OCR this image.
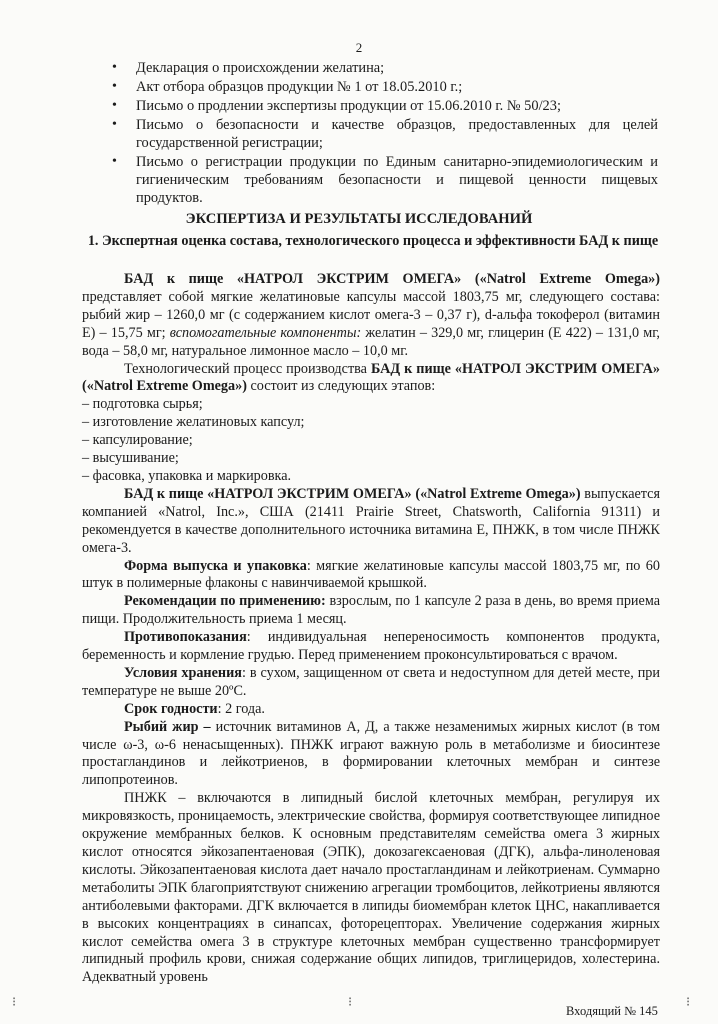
2
• Декларация о происхождении желатина;
• Акт отбора образцов продукции № 1 от 18.05.2010 г.;
• Письмо о продлении экспертизы продукции от 15.06.2010 г. № 50/23;
• Письмо о безопасности и качестве образцов, предоставленных для целей государственной регистрации;
• Письмо о регистрации продукции по Единым санитарно-эпидемиологическим и гигиеническим требованиям безопасности и пищевой ценности пищевых продуктов.
ЭКСПЕРТИЗА И РЕЗУЛЬТАТЫ ИССЛЕДОВАНИЙ
1. Экспертная оценка состава, технологического процесса и эффективности БАД к пище

БАД к пище «НАТРОЛ ЭКСТРИМ ОМЕГА» («Natrol Extreme Omega») представляет собой мягкие желатиновые капсулы массой 1803,75 мг, следующего состава: рыбий жир – 1260,0 мг (с содержанием кислот омега-3 – 0,37 г), d-альфа токоферол (витамин Е) – 15,75 мг; вспомогательные компоненты: желатин – 329,0 мг, глицерин (Е 422) – 131,0 мг, вода – 58,0 мг, натуральное лимонное масло – 10,0 мг.

Технологический процесс производства БАД к пище «НАТРОЛ ЭКСТРИМ ОМЕГА» («Natrol Extreme Omega») состоит из следующих этапов:

– подготовка сырья;
– изготовление желатиновых капсул;
– капсулирование;
– высушивание;
– фасовка, упаковка и маркировка.

БАД к пище «НАТРОЛ ЭКСТРИМ ОМЕГА» («Natrol Extreme Omega») выпускается компанией «Natrol, Inc.», США (21411 Prairie Street, Chatsworth, California 91311) и рекомендуется в качестве дополнительного источника витамина Е, ПНЖК, в том числе ПНЖК омега-3.

Форма выпуска и упаковка: мягкие желатиновые капсулы массой 1803,75 мг, по 60 штук в полимерные флаконы с навинчиваемой крышкой.

Рекомендации по применению: взрослым, по 1 капсуле 2 раза в день, во время приема пищи. Продолжительность приема 1 месяц.

Противопоказания: индивидуальная непереносимость компонентов продукта, беременность и кормление грудью. Перед применением проконсультироваться с врачом.

Условия хранения: в сухом, защищенном от света и недоступном для детей месте, при температуре не выше 20ºС.

Срок годности: 2 года.

Рыбий жир – источник витаминов А, Д, а также незаменимых жирных кислот (в том числе ω-3, ω-6 ненасыщенных). ПНЖК играют важную роль в метаболизме и биосинтезе простагландинов и лейкотриенов, в формировании клеточных мембран и синтезе липопротеинов.

ПНЖК – включаются в липидный бислой клеточных мембран, регулируя их микровязкость, проницаемость, электрические свойства, формируя соответствующее липидное окружение мембранных белков. К основным представителям семейства омега 3 жирных кислот относятся эйкозапентаеновая (ЭПК), докозагексаеновая (ДГК), альфа-линоленовая кислоты. Эйкозапентаеновая кислота дает начало простагландинам и лейкотриенам. Суммарно метаболиты ЭПК благоприятствуют снижению агрегации тромбоцитов, лейкотриены являются антиболевыми факторами. ДГК включается в липиды биомембран клеток ЦНС, накапливается в высоких концентрациях в синапсах, фоторецепторах. Увеличение содержания жирных кислот семейства омега 3 в структуре клеточных мембран существенно трансформирует липидный профиль крови, снижая содержание общих липидов, триглицеридов, холестерина. Адекватный уровень

Входящий № 145
⁝	⁝	⁝
